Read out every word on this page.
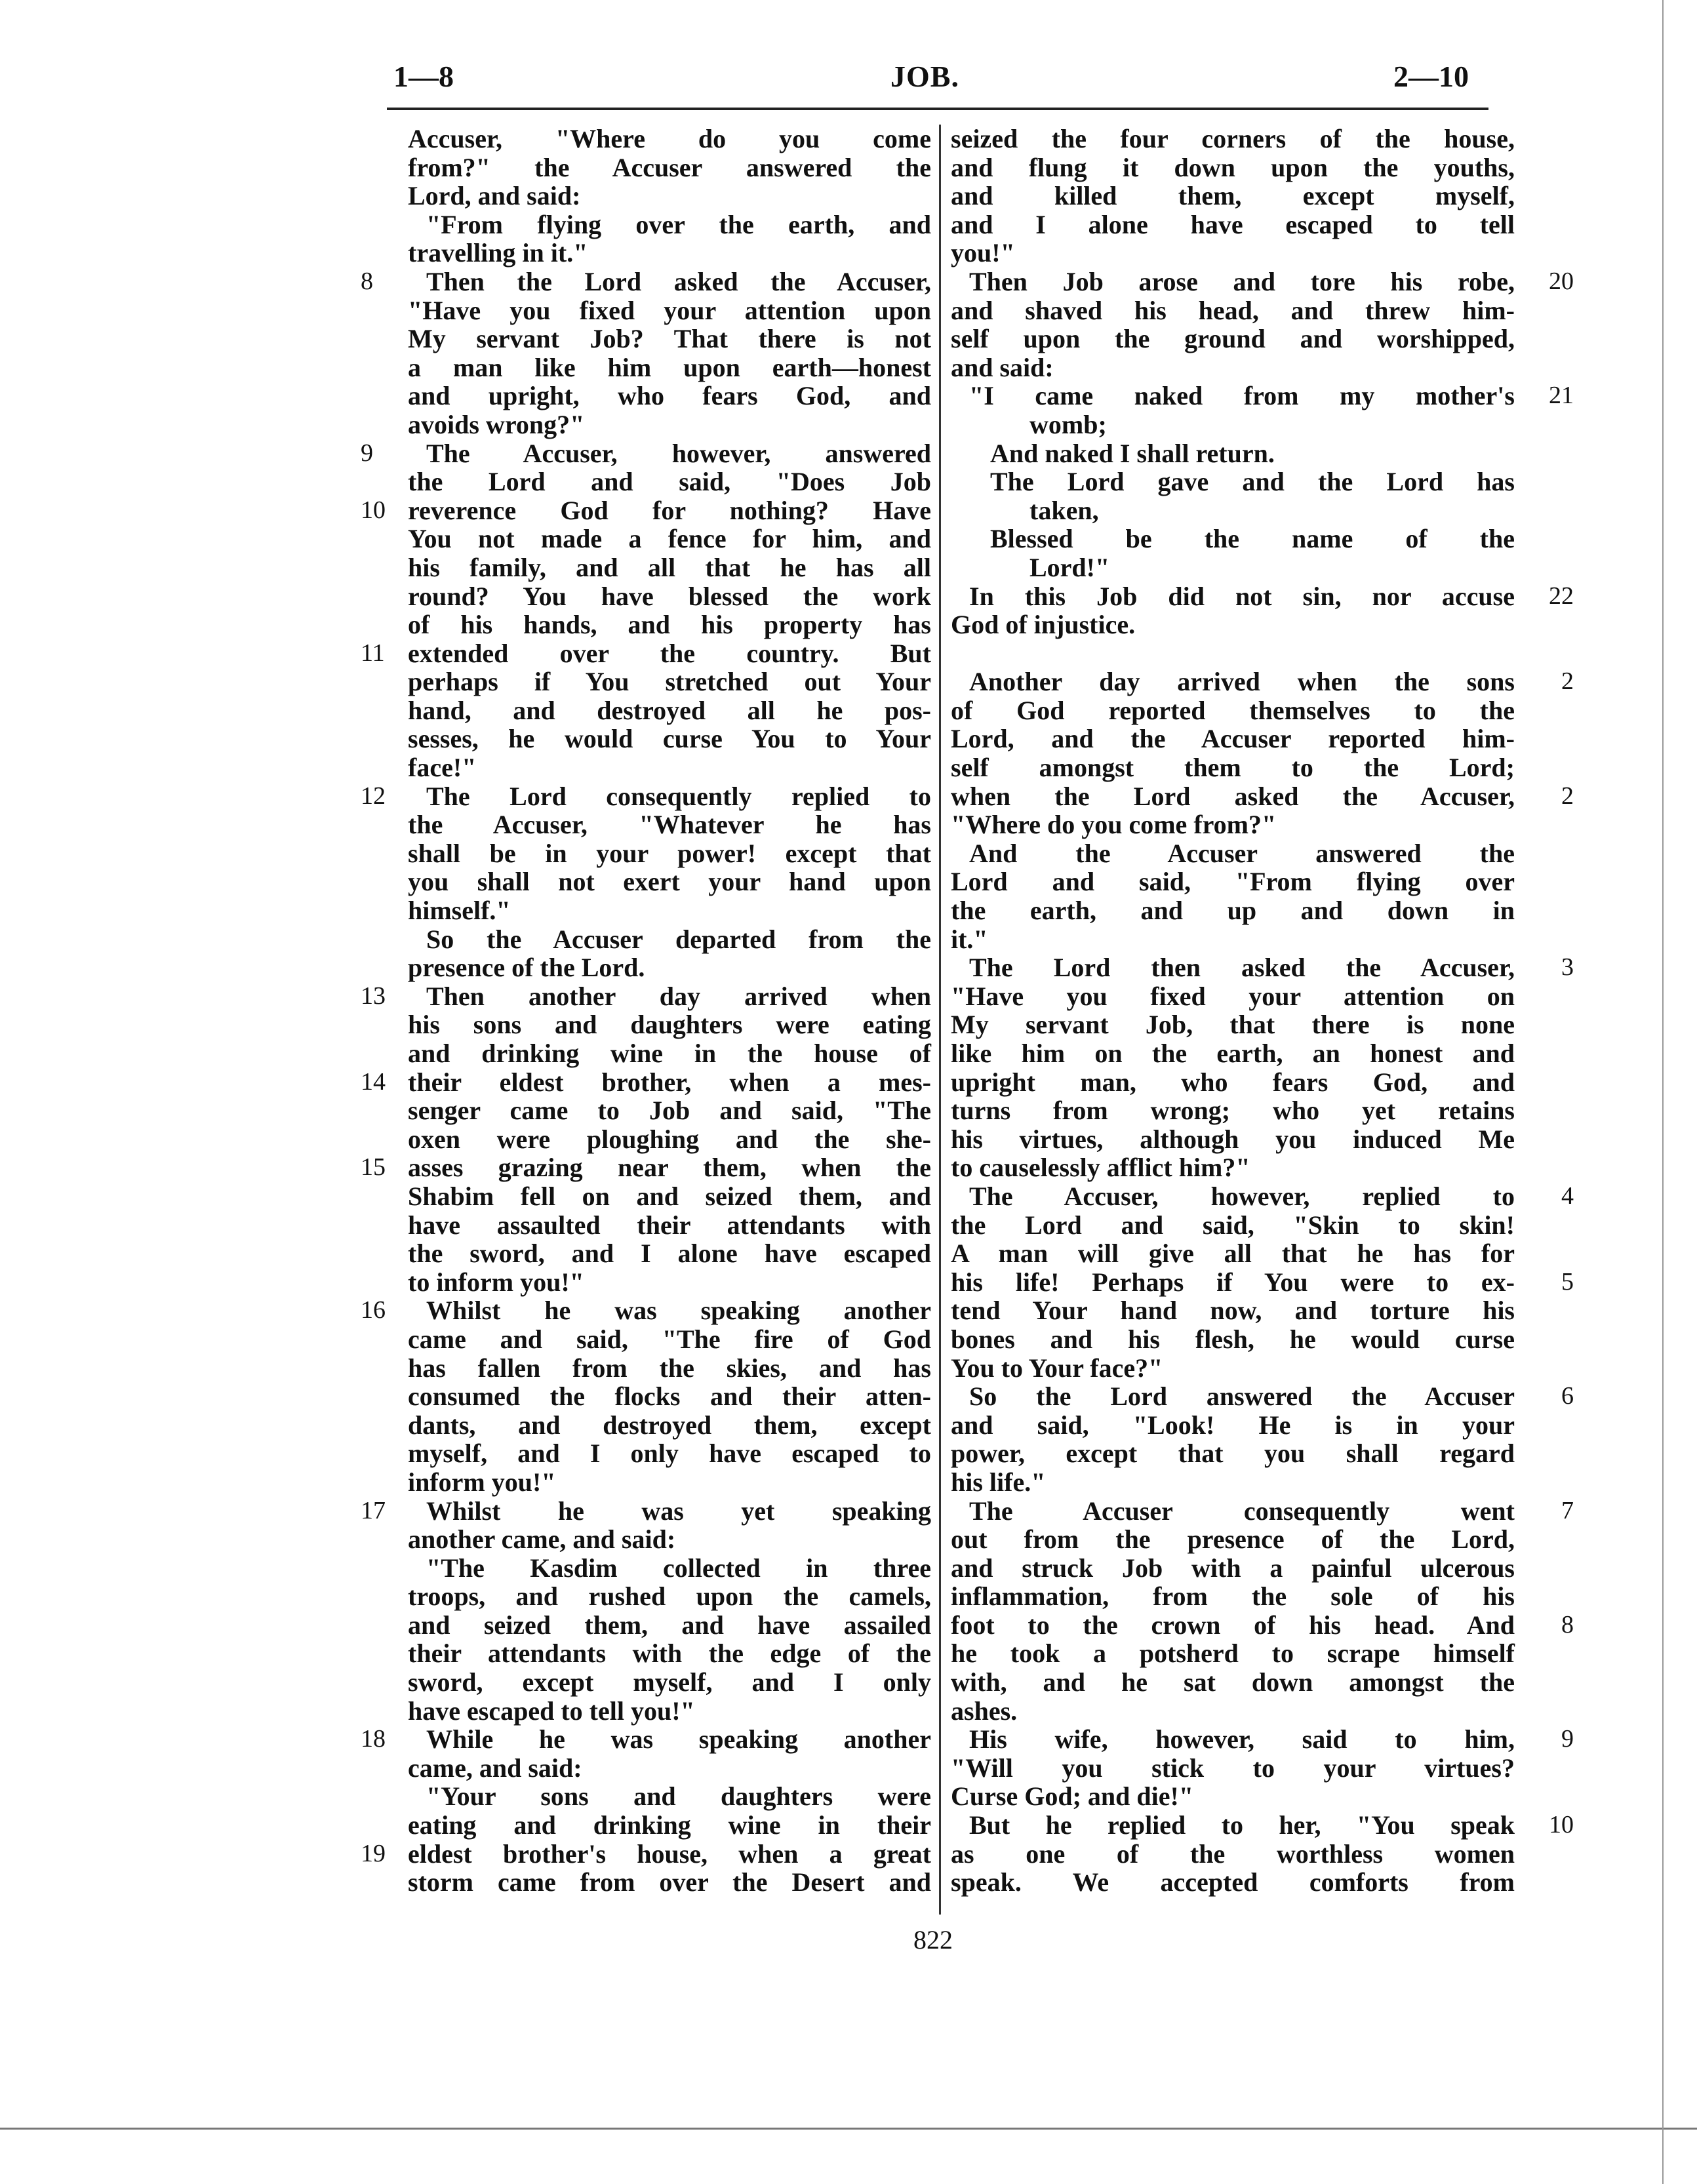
1—8	JOB.	2—10
Accuser, "Where do you come
from?" the Accuser answered the
Lord, and said:
"From flying over the earth, and
travelling in it."
8	Then the Lord asked the Accuser,
"Have you fixed your attention upon
My servant Job? That there is not
a man like him upon earth—honest
and upright, who fears God, and
avoids wrong?"
9	The Accuser, however, answered
the Lord and said, "Does Job
10 reverence God for nothing? Have
You not made a fence for him, and
his family, and all that he has all
round? You have blessed the work
of his hands, and his property has
11 extended over the country. But
perhaps if You stretched out Your
hand, and destroyed all he pos-
sesses, he would curse You to Your
face!"
12	The Lord consequently replied to
the Accuser, "Whatever he has
shall be in your power! except that
you shall not exert your hand upon
himself."
So the Accuser departed from the
presence of the Lord.
13	Then another day arrived when
his sons and daughters were eating
and drinking wine in the house of
14 their eldest brother, when a mes-
senger came to Job and said, "The
oxen were ploughing and the she-
15 asses grazing near them, when the
Shabim fell on and seized them, and
have assaulted their attendants with
the sword, and I alone have escaped
to inform you!"
16	Whilst he was speaking another
came and said, "The fire of God
has fallen from the skies, and has
consumed the flocks and their atten-
dants, and destroyed them, except
myself, and I only have escaped to
inform you!"
17	Whilst he was yet speaking
another came, and said:
"The Kasdim collected in three
troops, and rushed upon the camels,
and seized them, and have assailed
their attendants with the edge of the
sword, except myself, and I only
have escaped to tell you!"
18	While he was speaking another
came, and said:
"Your sons and daughters were
eating and drinking wine in their
19 eldest brother's house, when a great
storm came from over the Desert and
seized the four corners of the house,
and flung it down upon the youths,
and killed them, except myself,
and I alone have escaped to tell
you!"
20
Then Job arose and tore his robe,
and shaved his head, and threw him-
self upon the ground and worshipped,
and said:
21
"I came naked from my mother's
womb;
And naked I shall return.
The Lord gave and the Lord has
taken,
Blessed be the name of the
Lord!"
22
In this Job did not sin, nor accuse
God of injustice.
2
Another day arrived when the sons
of God reported themselves to the
Lord, and the Accuser reported him-
self amongst them to the Lord;
2
when the Lord asked the Accuser,
"Where do you come from?"
And the Accuser answered the
Lord and said, "From flying over
the earth, and up and down in
it."
3
The Lord then asked the Accuser,
"Have you fixed your attention on
My servant Job, that there is none
like him on the earth, an honest and
upright man, who fears God, and
turns from wrong; who yet retains
his virtues, although you induced Me
to causelessly afflict him?"
4
The Accuser, however, replied to
the Lord and said, "Skin to skin!
A man will give all that he has for
5
his life! Perhaps if You were to ex-
tend Your hand now, and torture his
bones and his flesh, he would curse
You to Your face?"
6
So the Lord answered the Accuser
and said, "Look! He is in your
power, except that you shall regard
his life."
7
The Accuser consequently went
out from the presence of the Lord,
and struck Job with a painful ulcerous
inflammation, from the sole of his
8
foot to the crown of his head. And
he took a potsherd to scrape himself
with, and he sat down amongst the
ashes.
9
His wife, however, said to him,
"Will you stick to your virtues?
Curse God; and die!"
10
But he replied to her, "You speak
as one of the worthless women
speak. We accepted comforts from
822
